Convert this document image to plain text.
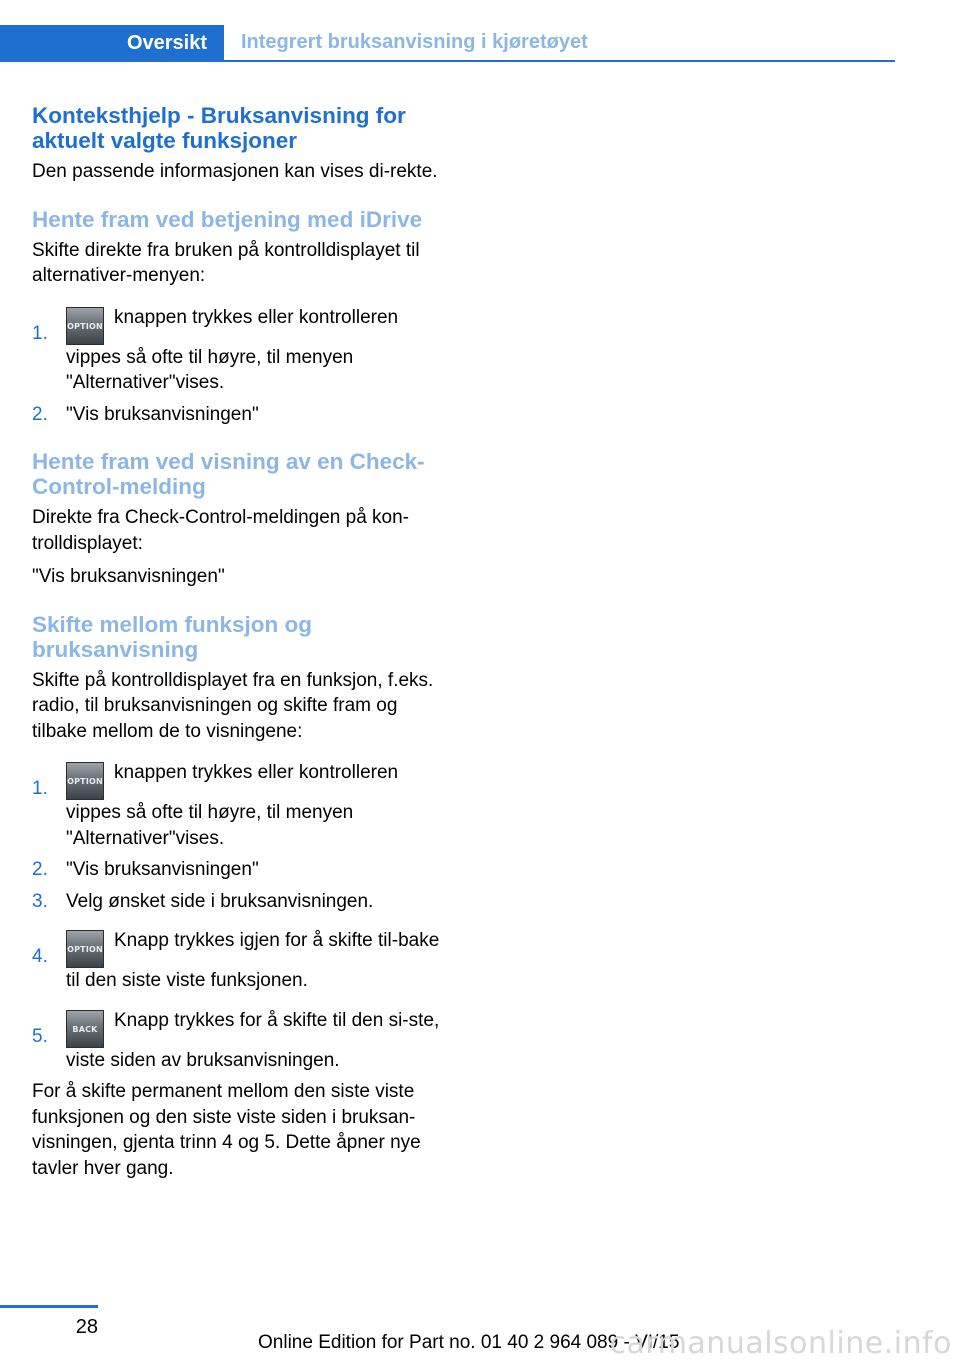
Oversikt Integrert bruksanvisning i kjøretøyet
Konteksthjelp - Bruksanvisning for aktuelt valgte funksjoner

Den passende informasjonen kan vises di-rekte.

Hente fram ved betjening med iDrive

Skifte direkte fra bruken på kontrolldisplayet til alternativer-menyen:

1. OPTION knappen trykkes eller kontrolleren vippes så ofte til høyre, til menyen "Alternativer"vises.
2. "Vis bruksanvisningen"
Hente fram ved visning av en Check-Control-melding

Direkte fra Check-Control-meldingen på kon-trolldisplayet:

"Vis bruksanvisningen"

Skifte mellom funksjon og bruksanvisning

Skifte på kontrolldisplayet fra en funksjon, f.eks. radio, til bruksanvisningen og skifte fram og tilbake mellom de to visningene:

1. OPTION knappen trykkes eller kontrolleren vippes så ofte til høyre, til menyen "Alternativer"vises.
2. "Vis bruksanvisningen"
3. Velg ønsket side i bruksanvisningen.
4. OPTION Knapp trykkes igjen for å skifte til-bake til den siste viste funksjonen.
5.	BACK Knapp trykkes for å skifte til den si-ste, viste siden av bruksanvisningen.

For å skifte permanent mellom den siste viste funksjonen og den siste viste siden i bruksan-visningen, gjenta trinn 4 og 5. Dette åpner nye tavler hver gang.

28
Online Edition for Part no. 01 40 2 964 089 - VI/15
carmanualsonline.info
